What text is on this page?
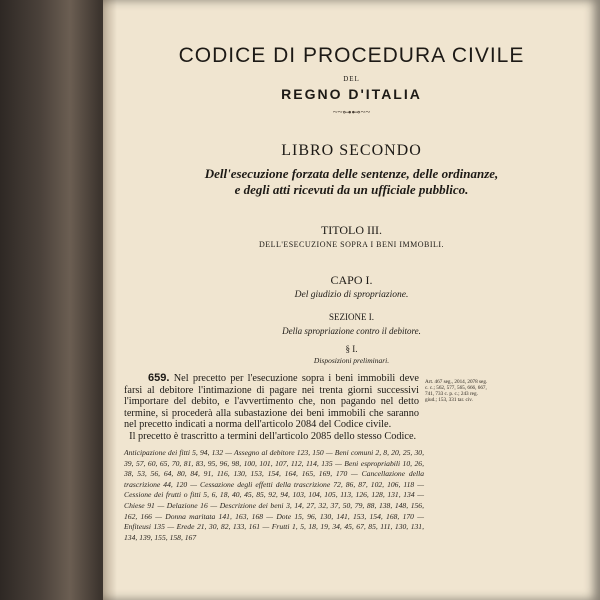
CODICE DI PROCEDURA CIVILE
DEL
REGNO D'ITALIA
~~⊶⊷~~
LIBRO SECONDO
Dell'esecuzione forzata delle sentenze, delle ordinanze,
e degli atti ricevuti da un ufficiale pubblico.
TITOLO III.
DELL'ESECUZIONE SOPRA I BENI IMMOBILI.
CAPO I.
Del giudizio di spropriazione.
SEZIONE I.
Della spropriazione contro il debitore.
§ I.
Disposizioni preliminari.

659. Nel precetto per l'esecuzione sopra i beni immobili deve farsi al debitore l'intimazione di pagare nei trenta giorni successivi l'importare del debito, e l'avvertimento che, non pagando nel detto termine, si procederà alla subastazione dei beni immobili che saranno nel precetto indicati a norma dell'articolo 2084 del Codice civile.

Il precetto è trascritto a termini dell'articolo 2085 dello stesso Codice.

Art. 467 seg., 2014, 2078 seg. c. c.; 562, 577, 565, 666, 667, 741, 733 c. p. c.; 243 reg. giud.; 153, 331 tar. civ.
Anticipazione dei fitti 5, 94, 132 — Assegno al debitore 123, 150 — Beni comuni 2, 8, 20, 25, 30, 39, 57, 60, 65, 70, 81, 83, 95, 96, 98, 100, 101, 107, 112, 114, 135 — Beni espropriabili 10, 26, 38, 53, 56, 64, 80, 84, 91, 116, 130, 153, 154, 164, 165, 169, 170 — Cancellazione della trascrizione 44, 120 — Cessazione degli effetti della trascrizione 72, 86, 87, 102, 106, 118 — Cessione dei frutti o fitti 5, 6, 18, 40, 45, 85, 92, 94, 103, 104, 105, 113, 126, 128, 131, 134 — Chiese 91 — Delazione 16 — Descrizione dei beni 3, 14, 27, 32, 37, 50, 79, 88, 138, 148, 156, 162, 166 — Donna maritata 141, 163, 168 — Dote 15, 96, 130, 141, 153, 154, 168, 170 — Enfiteusi 135 — Erede 21, 30, 82, 133, 161 — Frutti 1, 5, 18, 19, 34, 45, 67, 85, 111, 130, 131, 134, 139, 155, 158, 167
